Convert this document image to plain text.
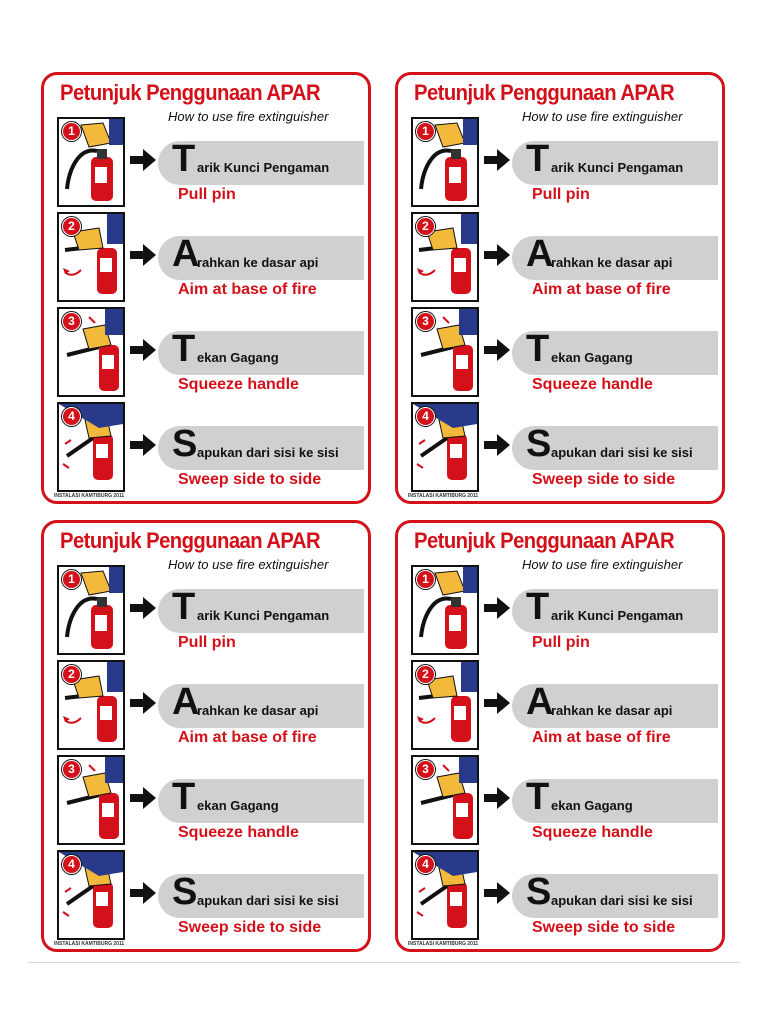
Petunjuk Penggunaan APAR
How to use fire extinguisher
1
T arik Kunci Pengaman
Pull pin
2
A
rahkan ke dasar api
Aim at base of fire
3
T ekan Gagang
Squeeze handle
4
S apukan dari sisi ke sisi
Sweep side to side
INSTALASI KAMTIBURG 2011
Petunjuk Penggunaan APAR
How to use fire extinguisher
1
T arik Kunci Pengaman
Pull pin
2
A
rahkan ke dasar api
Aim at base of fire
3
T ekan Gagang
Squeeze handle
4
S apukan dari sisi ke sisi
Sweep side to side
INSTALASI KAMTIBURG 2011
Petunjuk Penggunaan APAR
How to use fire extinguisher
1
T arik Kunci Pengaman
Pull pin
2
A
rahkan ke dasar api
Aim at base of fire
3
T ekan Gagang
Squeeze handle
4
S apukan dari sisi ke sisi
Sweep side to side
INSTALASI KAMTIBURG 2011
Petunjuk Penggunaan APAR
How to use fire extinguisher
1
T arik Kunci Pengaman
Pull pin
2
A
rahkan ke dasar api
Aim at base of fire
3
T ekan Gagang
Squeeze handle
4
S apukan dari sisi ke sisi
Sweep side to side
INSTALASI KAMTIBURG 2011
